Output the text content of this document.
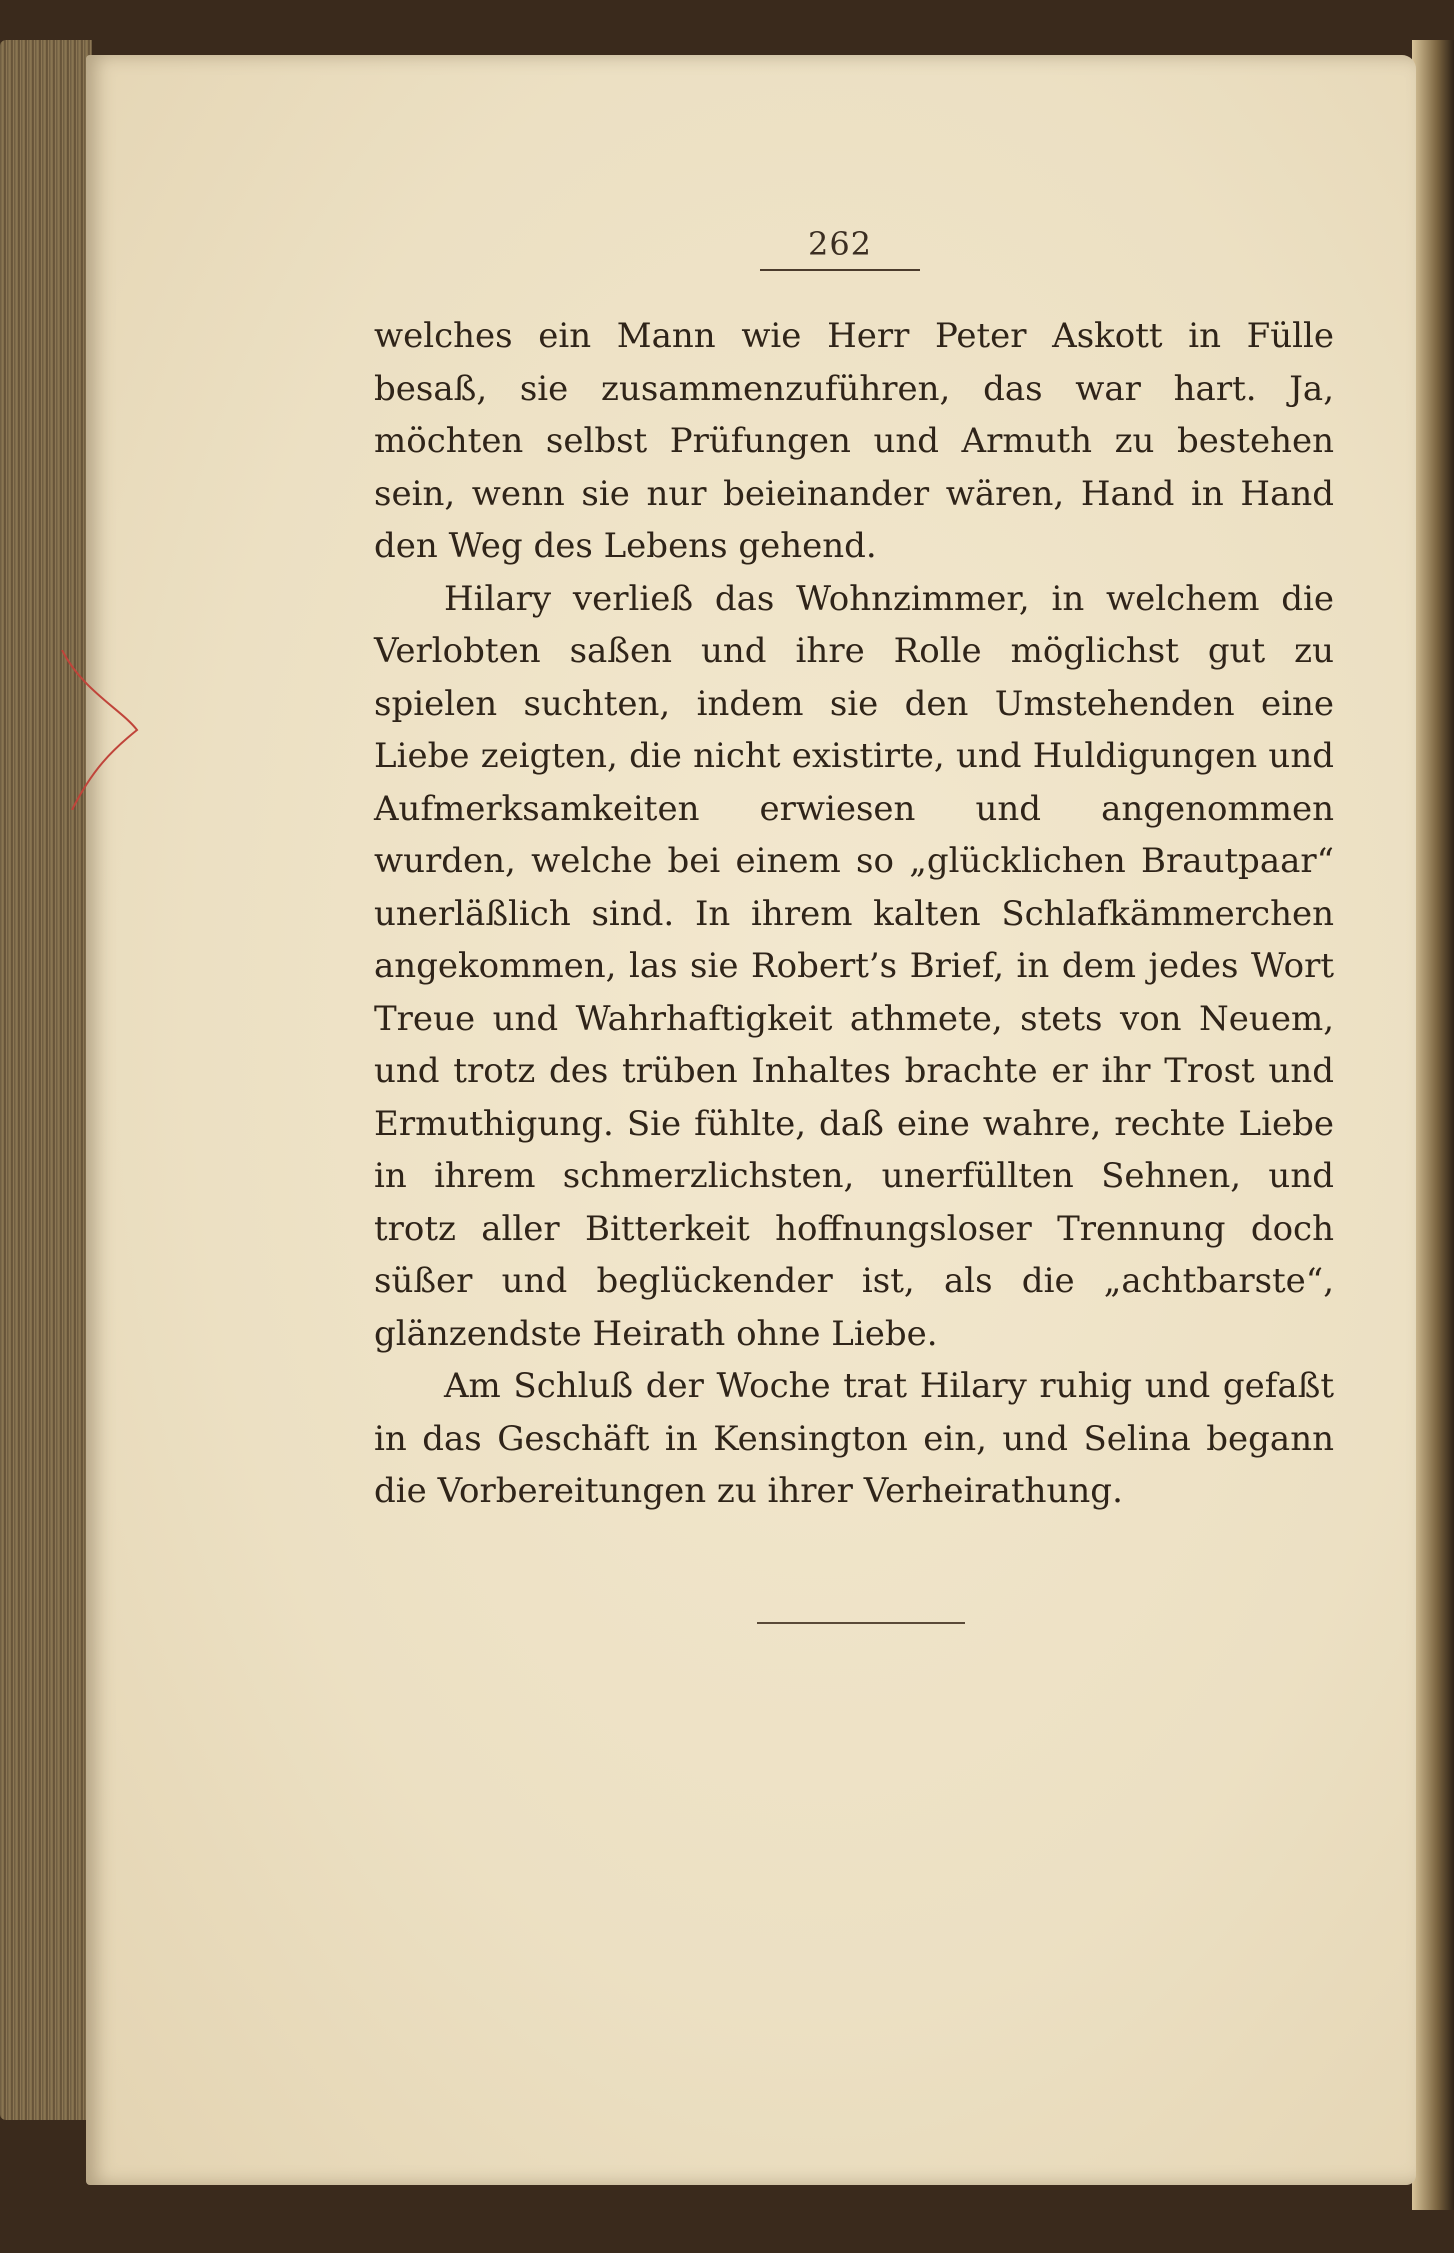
262

welches ein Mann wie Herr Peter Askott in Fülle besaß, sie zusammenzuführen, das war hart. Ja, möchten selbst Prüfungen und Armuth zu bestehen sein, wenn sie nur beieinander wären, Hand in Hand den Weg des Lebens gehend.

Hilary verließ das Wohnzimmer, in welchem die Verlobten saßen und ihre Rolle möglichst gut zu spielen suchten, indem sie den Umstehenden eine Liebe zeigten, die nicht existirte, und Huldigungen und Aufmerksamkeiten erwiesen und angenommen wurden, welche bei einem so „glücklichen Brautpaar“ unerläßlich sind. In ihrem kalten Schlafkämmerchen angekommen, las sie Robert’s Brief, in dem jedes Wort Treue und Wahrhaftigkeit athmete, stets von Neuem, und trotz des trüben Inhaltes brachte er ihr Trost und Ermuthigung. Sie fühlte, daß eine wahre, rechte Liebe in ihrem schmerzlichsten, unerfüllten Sehnen, und trotz aller Bitterkeit hoffnungsloser Trennung doch süßer und beglückender ist, als die „achtbarste“, glänzendste Heirath ohne Liebe.

Am Schluß der Woche trat Hilary ruhig und gefaßt in das Geschäft in Kensington ein, und Selina begann die Vorbereitungen zu ihrer Verheirathung.
